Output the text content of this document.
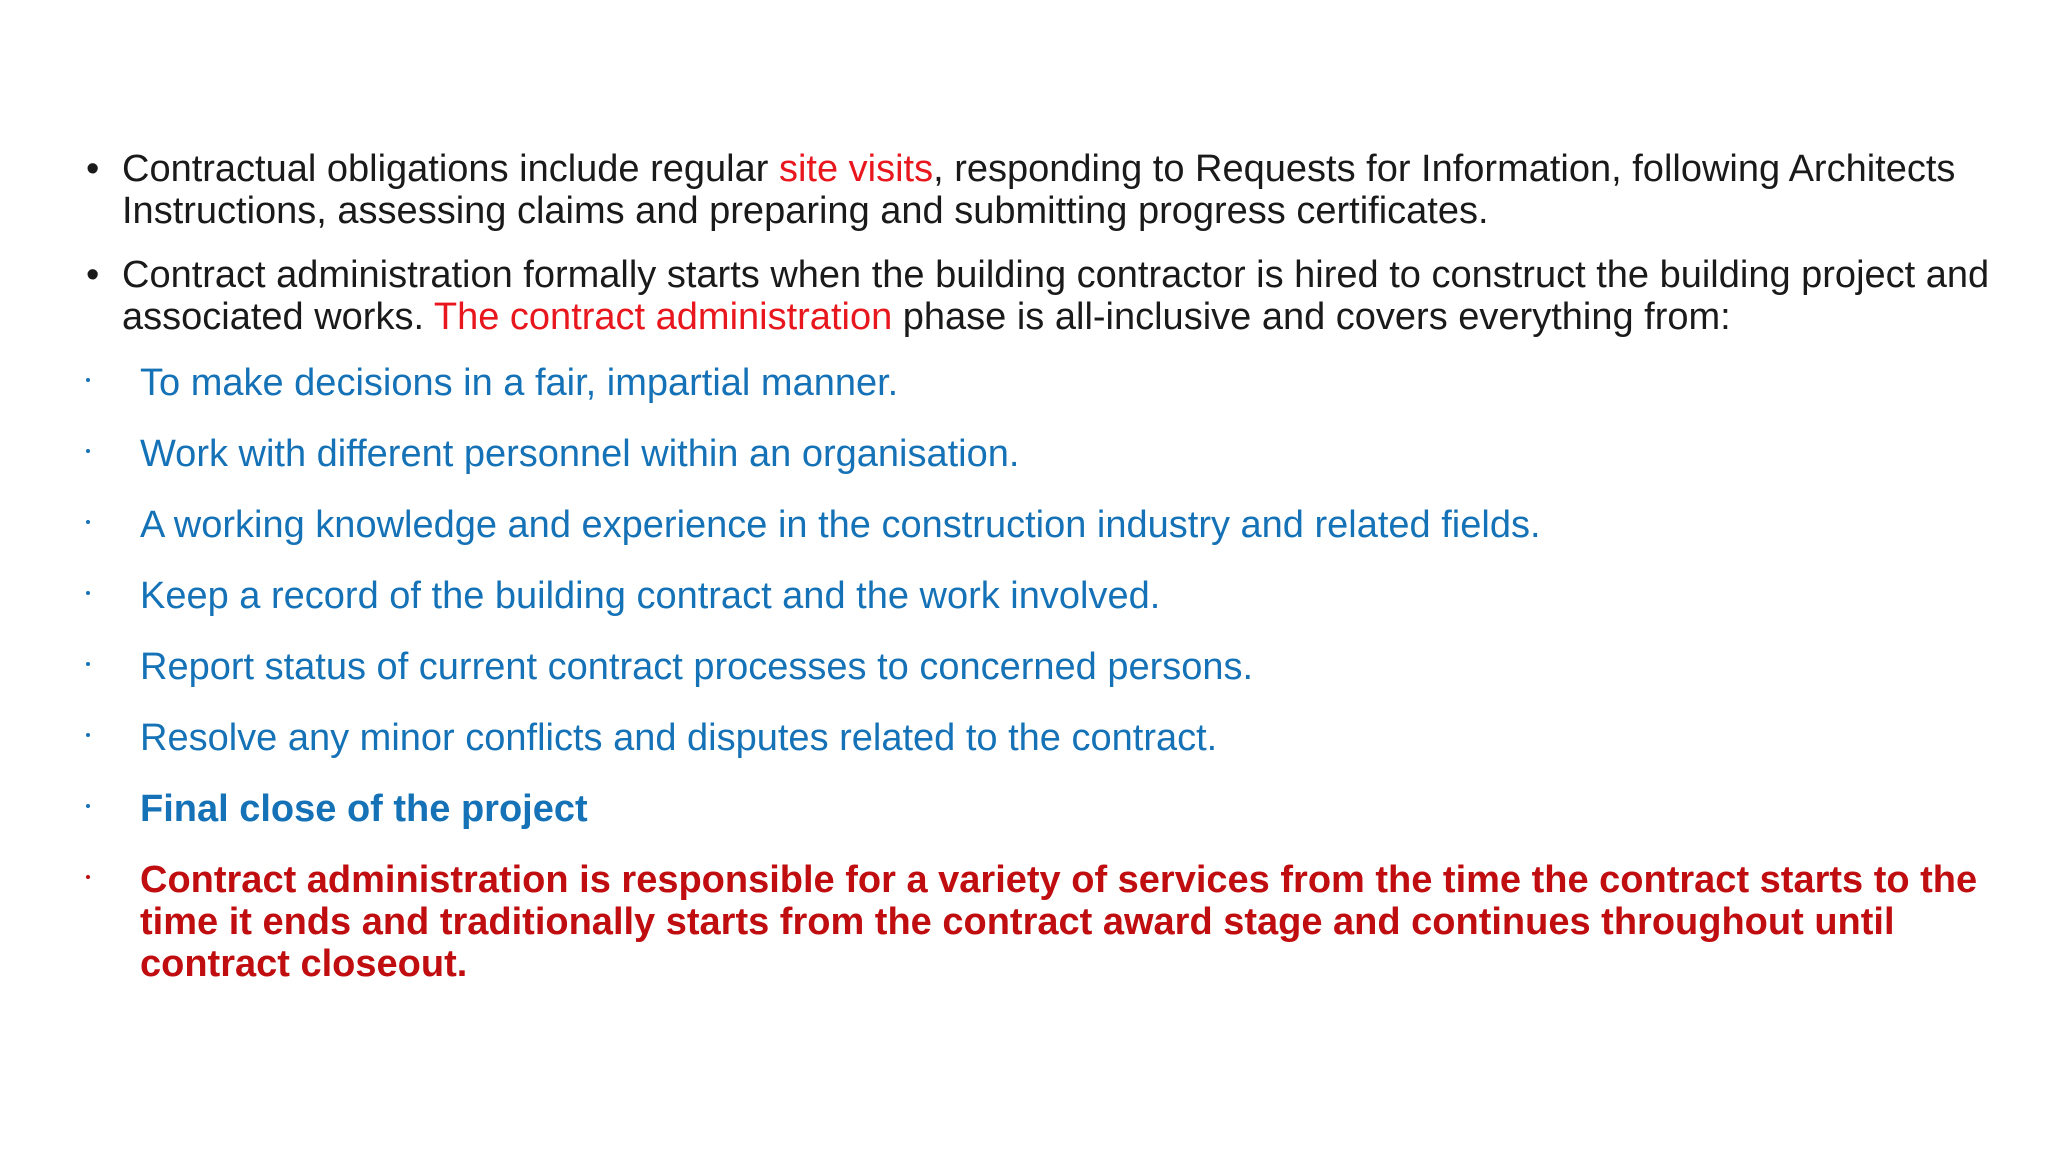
• Contractual obligations include regular site visits, responding to Requests for Information, following Architects Instructions, assessing claims and preparing and submitting progress certificates.
• Contract administration formally starts when the building contractor is hired to construct the building project and associated works. The contract administration phase is all-inclusive and covers everything from:
To make decisions in a fair, impartial manner.
Work with different personnel within an organisation.
A working knowledge and experience in the construction industry and related fields.
Keep a record of the building contract and the work involved.
Report status of current contract processes to concerned persons.
Resolve any minor conflicts and disputes related to the contract.
Final close of the project
Contract administration is responsible for a variety of services from the time the contract starts to the time it ends and traditionally starts from the contract award stage and continues throughout until contract closeout.
